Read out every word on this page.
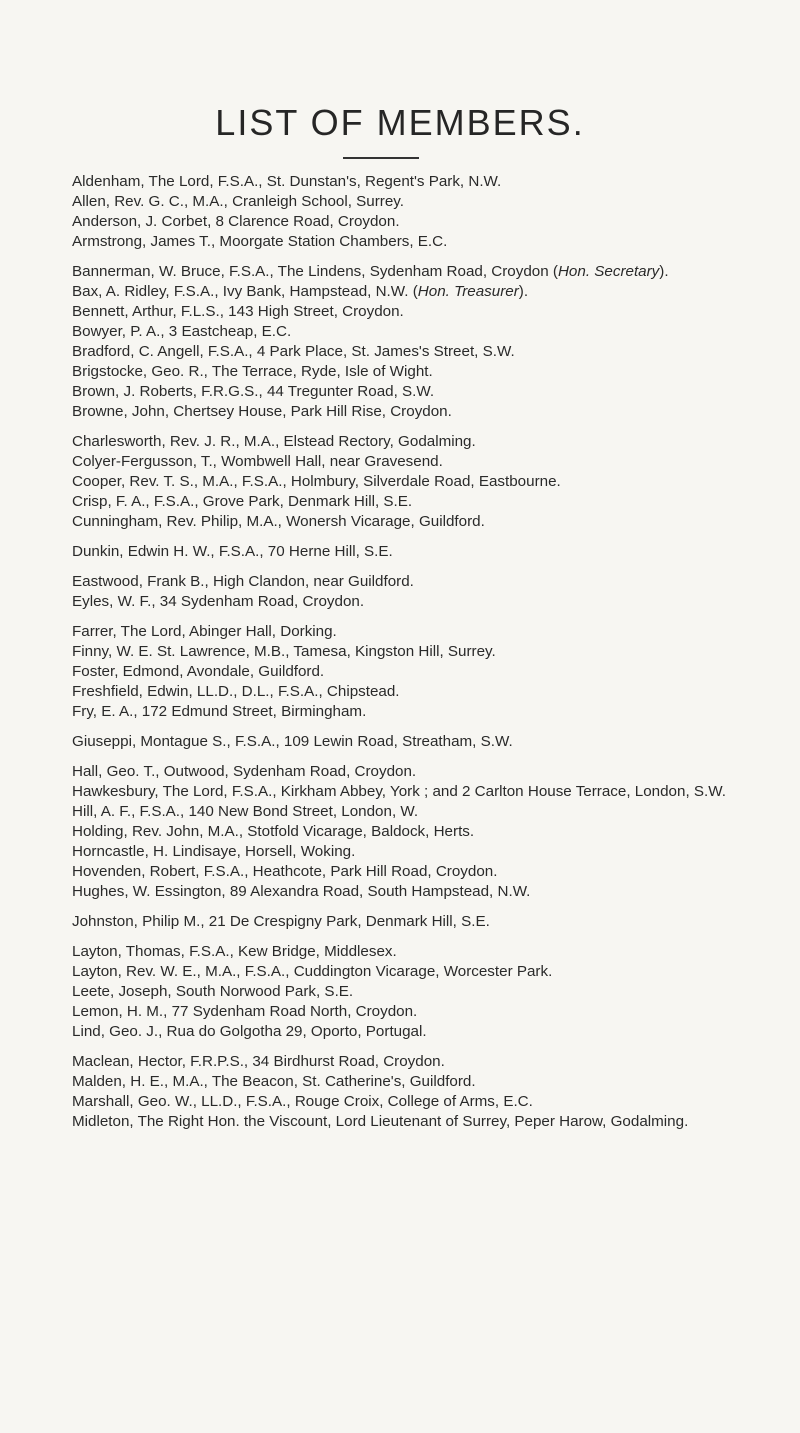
LIST OF MEMBERS.
Aldenham, The Lord, F.S.A., St. Dunstan's, Regent's Park, N.W.
Allen, Rev. G. C., M.A., Cranleigh School, Surrey.
Anderson, J. Corbet, 8 Clarence Road, Croydon.
Armstrong, James T., Moorgate Station Chambers, E.C.
Bannerman, W. Bruce, F.S.A., The Lindens, Sydenham Road, Croydon (Hon. Secretary).
Bax, A. Ridley, F.S.A., Ivy Bank, Hampstead, N.W. (Hon. Treasurer).
Bennett, Arthur, F.L.S., 143 High Street, Croydon.
Bowyer, P. A., 3 Eastcheap, E.C.
Bradford, C. Angell, F.S.A., 4 Park Place, St. James's Street, S.W.
Brigstocke, Geo. R., The Terrace, Ryde, Isle of Wight.
Brown, J. Roberts, F.R.G.S., 44 Tregunter Road, S.W.
Browne, John, Chertsey House, Park Hill Rise, Croydon.
Charlesworth, Rev. J. R., M.A., Elstead Rectory, Godalming.
Colyer-Fergusson, T., Wombwell Hall, near Gravesend.
Cooper, Rev. T. S., M.A., F.S.A., Holmbury, Silverdale Road, Eastbourne.
Crisp, F. A., F.S.A., Grove Park, Denmark Hill, S.E.
Cunningham, Rev. Philip, M.A., Wonersh Vicarage, Guildford.
Dunkin, Edwin H. W., F.S.A., 70 Herne Hill, S.E.
Eastwood, Frank B., High Clandon, near Guildford.
Eyles, W. F., 34 Sydenham Road, Croydon.
Farrer, The Lord, Abinger Hall, Dorking.
Finny, W. E. St. Lawrence, M.B., Tamesa, Kingston Hill, Surrey.
Foster, Edmond, Avondale, Guildford.
Freshfield, Edwin, LL.D., D.L., F.S.A., Chipstead.
Fry, E. A., 172 Edmund Street, Birmingham.
Giuseppi, Montague S., F.S.A., 109 Lewin Road, Streatham, S.W.
Hall, Geo. T., Outwood, Sydenham Road, Croydon.
Hawkesbury, The Lord, F.S.A., Kirkham Abbey, York ; and 2 Carlton House Terrace, London, S.W.
Hill, A. F., F.S.A., 140 New Bond Street, London, W.
Holding, Rev. John, M.A., Stotfold Vicarage, Baldock, Herts.
Horncastle, H. Lindisaye, Horsell, Woking.
Hovenden, Robert, F.S.A., Heathcote, Park Hill Road, Croydon.
Hughes, W. Essington, 89 Alexandra Road, South Hampstead, N.W.
Johnston, Philip M., 21 De Crespigny Park, Denmark Hill, S.E.
Layton, Thomas, F.S.A., Kew Bridge, Middlesex.
Layton, Rev. W. E., M.A., F.S.A., Cuddington Vicarage, Worcester Park.
Leete, Joseph, South Norwood Park, S.E.
Lemon, H. M., 77 Sydenham Road North, Croydon.
Lind, Geo. J., Rua do Golgotha 29, Oporto, Portugal.
Maclean, Hector, F.R.P.S., 34 Birdhurst Road, Croydon.
Malden, H. E., M.A., The Beacon, St. Catherine's, Guildford.
Marshall, Geo. W., LL.D., F.S.A., Rouge Croix, College of Arms, E.C.
Midleton, The Right Hon. the Viscount, Lord Lieutenant of Surrey, Peper Harow, Godalming.
